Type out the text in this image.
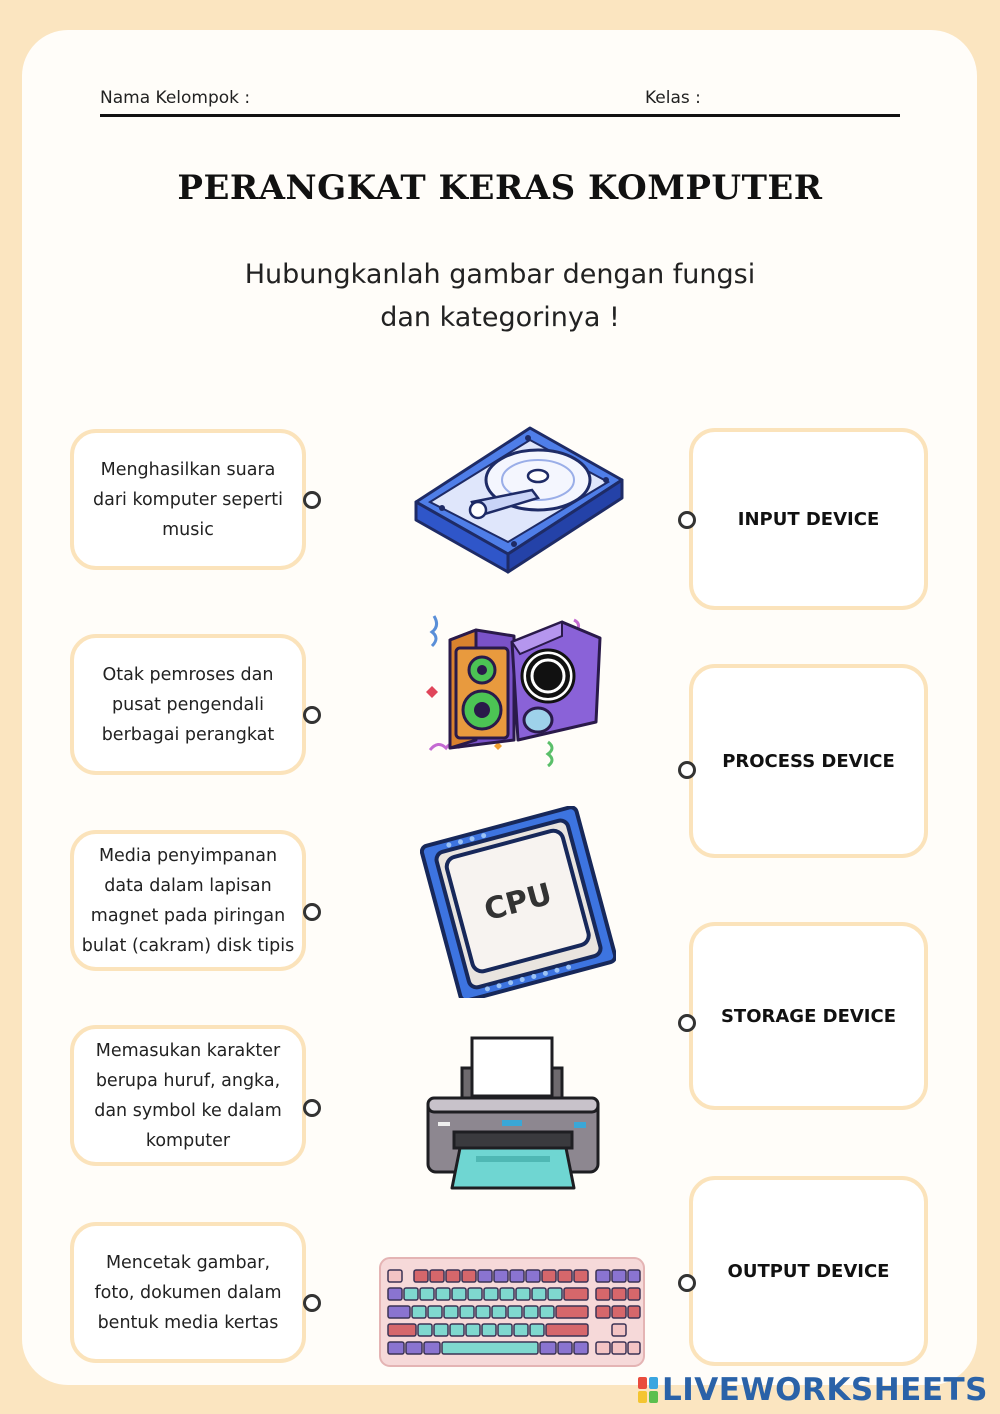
Nama Kelompok :	Kelas :
PERANGKAT KERAS KOMPUTER
Hubungkanlah gambar dengan fungsi
dan kategorinya !
Menghasilkan suara
dari komputer seperti
music
Otak pemroses dan
pusat pengendali
berbagai perangkat
Media penyimpanan
data dalam lapisan
magnet pada piringan
bulat (cakram) disk tipis
Memasukan karakter
berupa huruf, angka,
dan symbol ke dalam
komputer
Mencetak gambar,
foto, dokumen dalam
bentuk media kertas
INPUT DEVICE
PROCESS DEVICE
STORAGE DEVICE
OUTPUT DEVICE
CPU
LIVEWORKSHEETS
